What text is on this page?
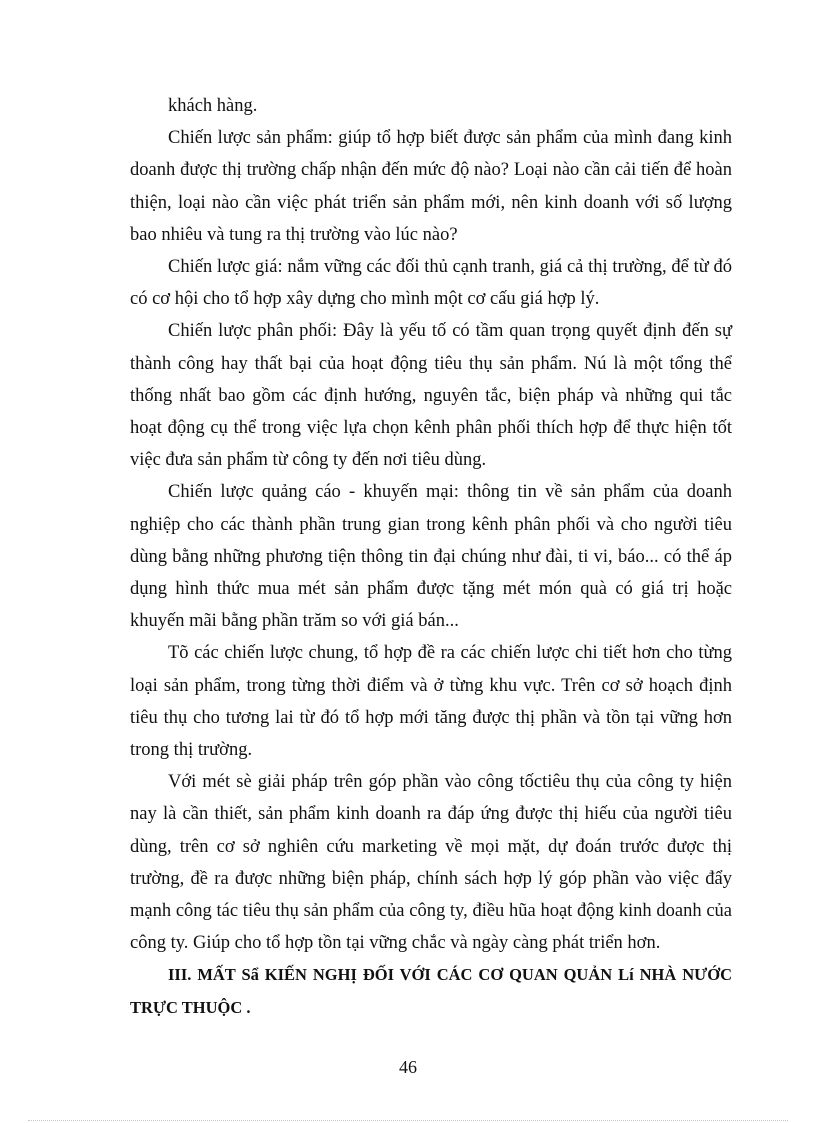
khách hàng.

Chiến lược sản phẩm: giúp tổ hợp biết được sản phẩm của mình đang kinh doanh được thị trường chấp nhận đến mức độ nào? Loại nào cần cải tiến để hoàn thiện, loại nào cần việc phát triển sản phẩm mới, nên kinh doanh với số lượng bao nhiêu và tung ra thị trường vào lúc nào?

Chiến lược giá: nắm vững các đối thủ cạnh tranh, giá cả thị trường, để từ đó có cơ hội cho tổ hợp xây dựng cho mình một cơ cấu giá hợp lý.

Chiến lược phân phối: Đây là yếu tố có tầm quan trọng quyết định đến sự thành công hay thất bại của hoạt động tiêu thụ sản phẩm. Nú là một tổng thể thống nhất bao gồm các định hướng, nguyên tắc, biện pháp và những qui tắc hoạt động cụ thể trong việc lựa chọn kênh phân phối thích hợp để thực hiện tốt việc đưa sản phẩm từ công ty đến nơi tiêu dùng.

Chiến lược quảng cáo - khuyến mại: thông tin về sản phẩm của doanh nghiệp cho các thành phần trung gian trong kênh phân phối và cho người tiêu dùng bằng những phương tiện thông tin đại chúng như đài, ti vi, báo... có thể áp dụng hình thức mua mét sản phẩm được tặng mét món quà có giá trị hoặc khuyến mãi bằng phần trăm so với giá bán...

Tõ các chiến lược chung, tổ hợp đề ra các chiến lược chi tiết hơn cho từng loại sản phẩm, trong từng thời điểm và ở từng khu vực. Trên cơ sở hoạch định tiêu thụ cho tương lai từ đó tổ hợp mới tăng được thị phần và tồn tại vững hơn trong thị trường.

Với mét sè giải pháp trên góp phần vào công tốctiêu thụ của công ty hiện nay là cần thiết, sản phẩm kinh doanh ra đáp ứng được thị hiếu của người tiêu dùng, trên cơ sở nghiên cứu marketing về mọi mặt, dự đoán trước được thị trường, đề ra được những biện pháp, chính sách hợp lý góp phần vào việc đẩy mạnh công tác tiêu thụ sản phẩm của công ty, điều hũa hoạt động kinh doanh của công ty. Giúp cho tổ hợp tồn tại vững chắc và ngày càng phát triển hơn.

III. MẤT Sẩ KIẾN NGHỊ ĐỐI VỚI CÁC CƠ QUAN QUẢN Lí NHÀ NƯỚC TRỰC THUỘC .
46
